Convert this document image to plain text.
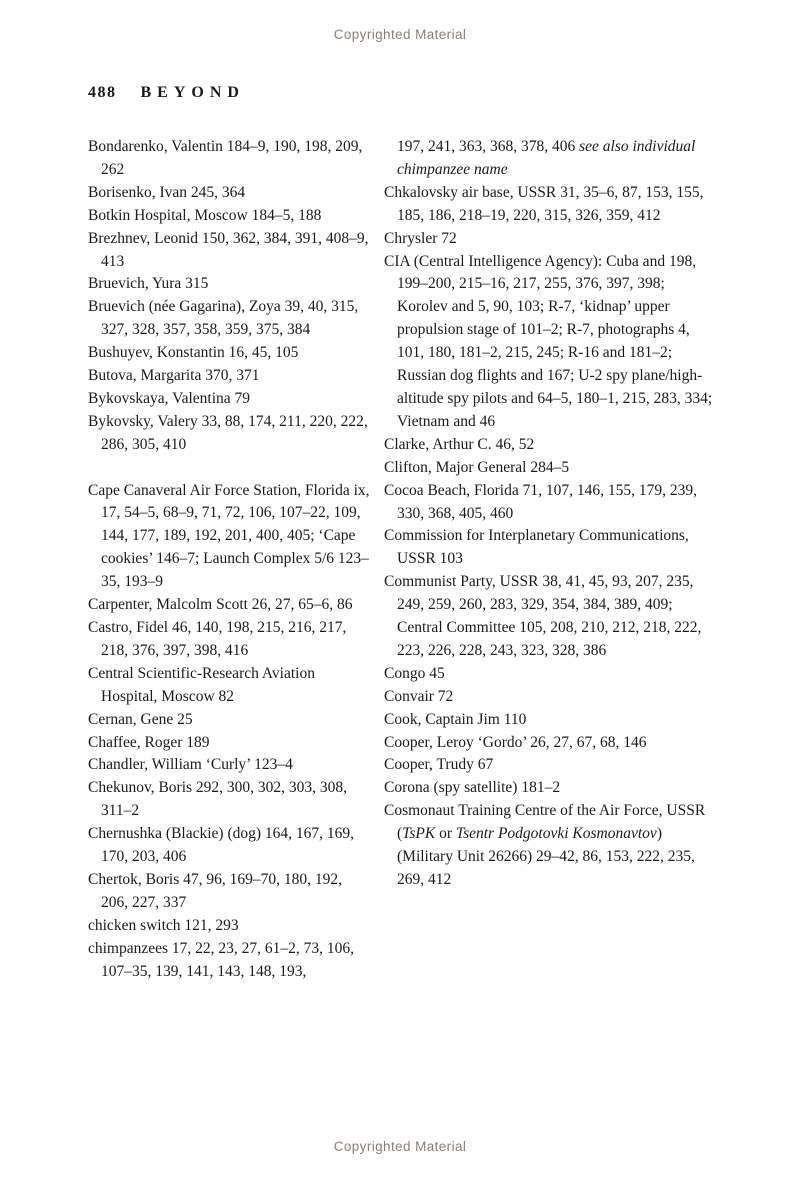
Copyrighted Material
488 BEYOND
Bondarenko, Valentin 184–9, 190, 198, 209, 262
Borisenko, Ivan 245, 364
Botkin Hospital, Moscow 184–5, 188
Brezhnev, Leonid 150, 362, 384, 391, 408–9, 413
Bruevich, Yura 315
Bruevich (née Gagarina), Zoya 39, 40, 315, 327, 328, 357, 358, 359, 375, 384
Bushuyev, Konstantin 16, 45, 105
Butova, Margarita 370, 371
Bykovskaya, Valentina 79
Bykovsky, Valery 33, 88, 174, 211, 220, 222, 286, 305, 410
Cape Canaveral Air Force Station, Florida ix, 17, 54–5, 68–9, 71, 72, 106, 107–22, 109, 144, 177, 189, 192, 201, 400, 405; ‘Cape cookies’ 146–7; Launch Complex 5/6 123–35, 193–9
Carpenter, Malcolm Scott 26, 27, 65–6, 86
Castro, Fidel 46, 140, 198, 215, 216, 217, 218, 376, 397, 398, 416
Central Scientific-Research Aviation Hospital, Moscow 82
Cernan, Gene 25
Chaffee, Roger 189
Chandler, William ‘Curly’ 123–4
Chekunov, Boris 292, 300, 302, 303, 308, 311–2
Chernushka (Blackie) (dog) 164, 167, 169, 170, 203, 406
Chertok, Boris 47, 96, 169–70, 180, 192, 206, 227, 337
chicken switch 121, 293
chimpanzees 17, 22, 23, 27, 61–2, 73, 106, 107–35, 139, 141, 143, 148, 193,
197, 241, 363, 368, 378, 406 see also individual chimpanzee name
Chkalovsky air base, USSR 31, 35–6, 87, 153, 155, 185, 186, 218–19, 220, 315, 326, 359, 412
Chrysler 72
CIA (Central Intelligence Agency): Cuba and 198, 199–200, 215–16, 217, 255, 376, 397, 398; Korolev and 5, 90, 103; R-7, ‘kidnap’ upper propulsion stage of 101–2; R-7, photographs 4, 101, 180, 181–2, 215, 245; R-16 and 181–2; Russian dog flights and 167; U-2 spy plane/high-altitude spy pilots and 64–5, 180–1, 215, 283, 334; Vietnam and 46
Clarke, Arthur C. 46, 52
Clifton, Major General 284–5
Cocoa Beach, Florida 71, 107, 146, 155, 179, 239, 330, 368, 405, 460
Commission for Interplanetary Communications, USSR 103
Communist Party, USSR 38, 41, 45, 93, 207, 235, 249, 259, 260, 283, 329, 354, 384, 389, 409; Central Committee 105, 208, 210, 212, 218, 222, 223, 226, 228, 243, 323, 328, 386
Congo 45
Convair 72
Cook, Captain Jim 110
Cooper, Leroy ‘Gordo’ 26, 27, 67, 68, 146
Cooper, Trudy 67
Corona (spy satellite) 181–2
Cosmonaut Training Centre of the Air Force, USSR (TsPK or Tsentr Podgotovki Kosmonavtov) (Military Unit 26266) 29–42, 86, 153, 222, 235, 269, 412
Copyrighted Material
